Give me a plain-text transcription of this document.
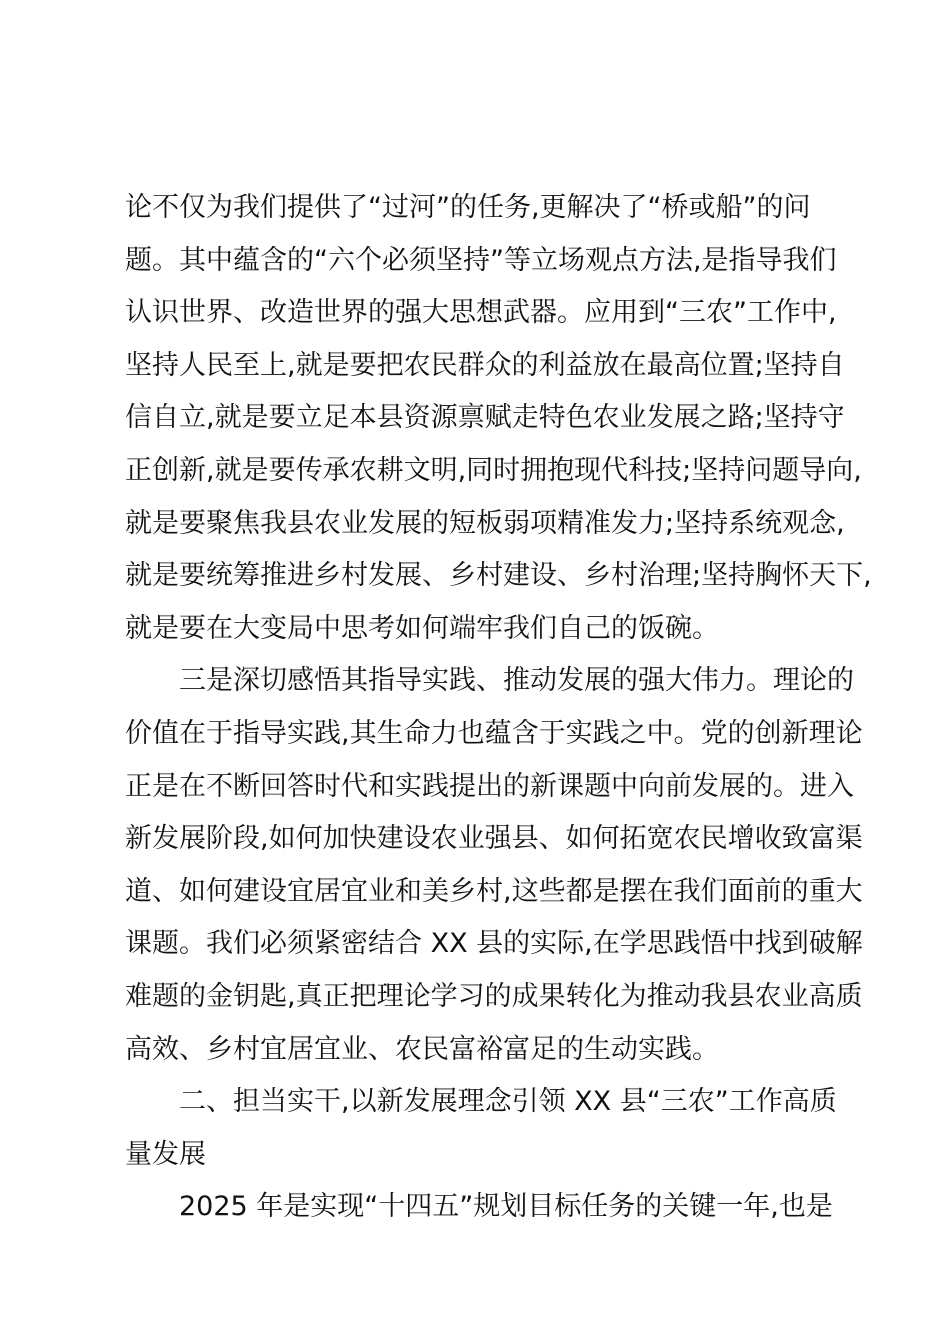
论不仅为我们提供了“过河”的任务,更解决了“桥或船”的问
题。其中蕴含的“六个必须坚持”等立场观点方法,是指导我们
认识世界、改造世界的强大思想武器。应用到“三农”工作中,
坚持人民至上,就是要把农民群众的利益放在最高位置;坚持自
信自立,就是要立足本县资源禀赋走特色农业发展之路;坚持守
正创新,就是要传承农耕文明,同时拥抱现代科技;坚持问题导向,
就是要聚焦我县农业发展的短板弱项精准发力;坚持系统观念,
就是要统筹推进乡村发展、乡村建设、乡村治理;坚持胸怀天下,
就是要在大变局中思考如何端牢我们自己的饭碗。
三是深切感悟其指导实践、推动发展的强大伟力。理论的
价值在于指导实践,其生命力也蕴含于实践之中。党的创新理论
正是在不断回答时代和实践提出的新课题中向前发展的。进入
新发展阶段,如何加快建设农业强县、如何拓宽农民增收致富渠
道、如何建设宜居宜业和美乡村,这些都是摆在我们面前的重大
课题。我们必须紧密结合 XX 县的实际,在学思践悟中找到破解
难题的金钥匙,真正把理论学习的成果转化为推动我县农业高质
高效、乡村宜居宜业、农民富裕富足的生动实践。
二、担当实干,以新发展理念引领 XX 县“三农”工作高质
量发展
2025 年是实现“十四五”规划目标任务的关键一年,也是
